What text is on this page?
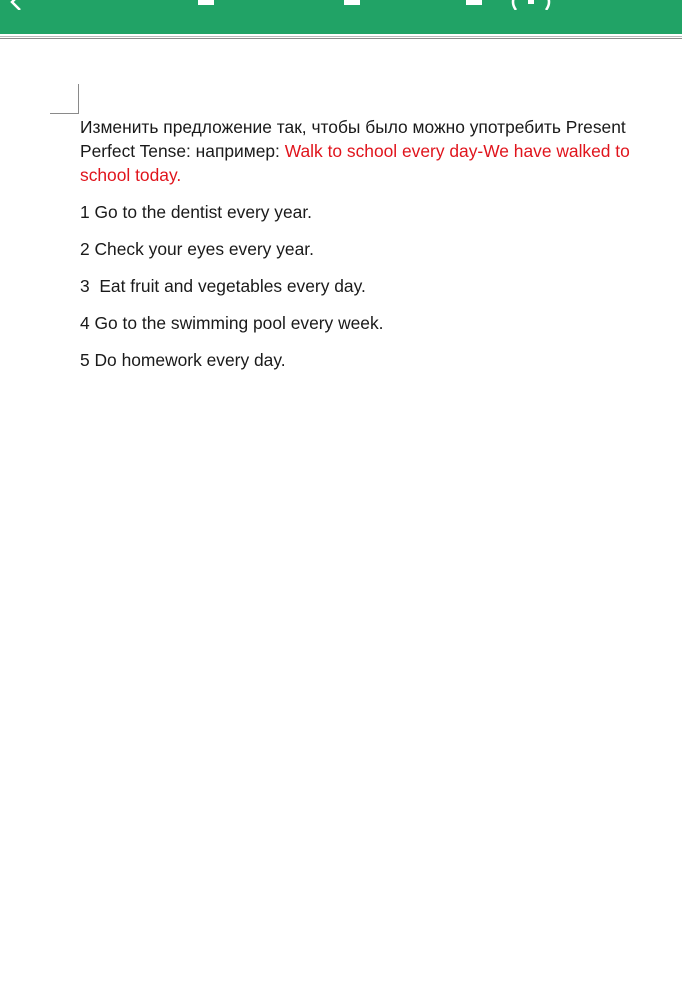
Изменить предложение так, чтобы было можно употребить Present Perfect Tense: например: Walk to school every day-We have walked to school today.

1 Go to the dentist every year.

2 Check your eyes every year.

3  Eat fruit and vegetables every day.

4 Go to the swimming pool every week.

5 Do homework every day.
